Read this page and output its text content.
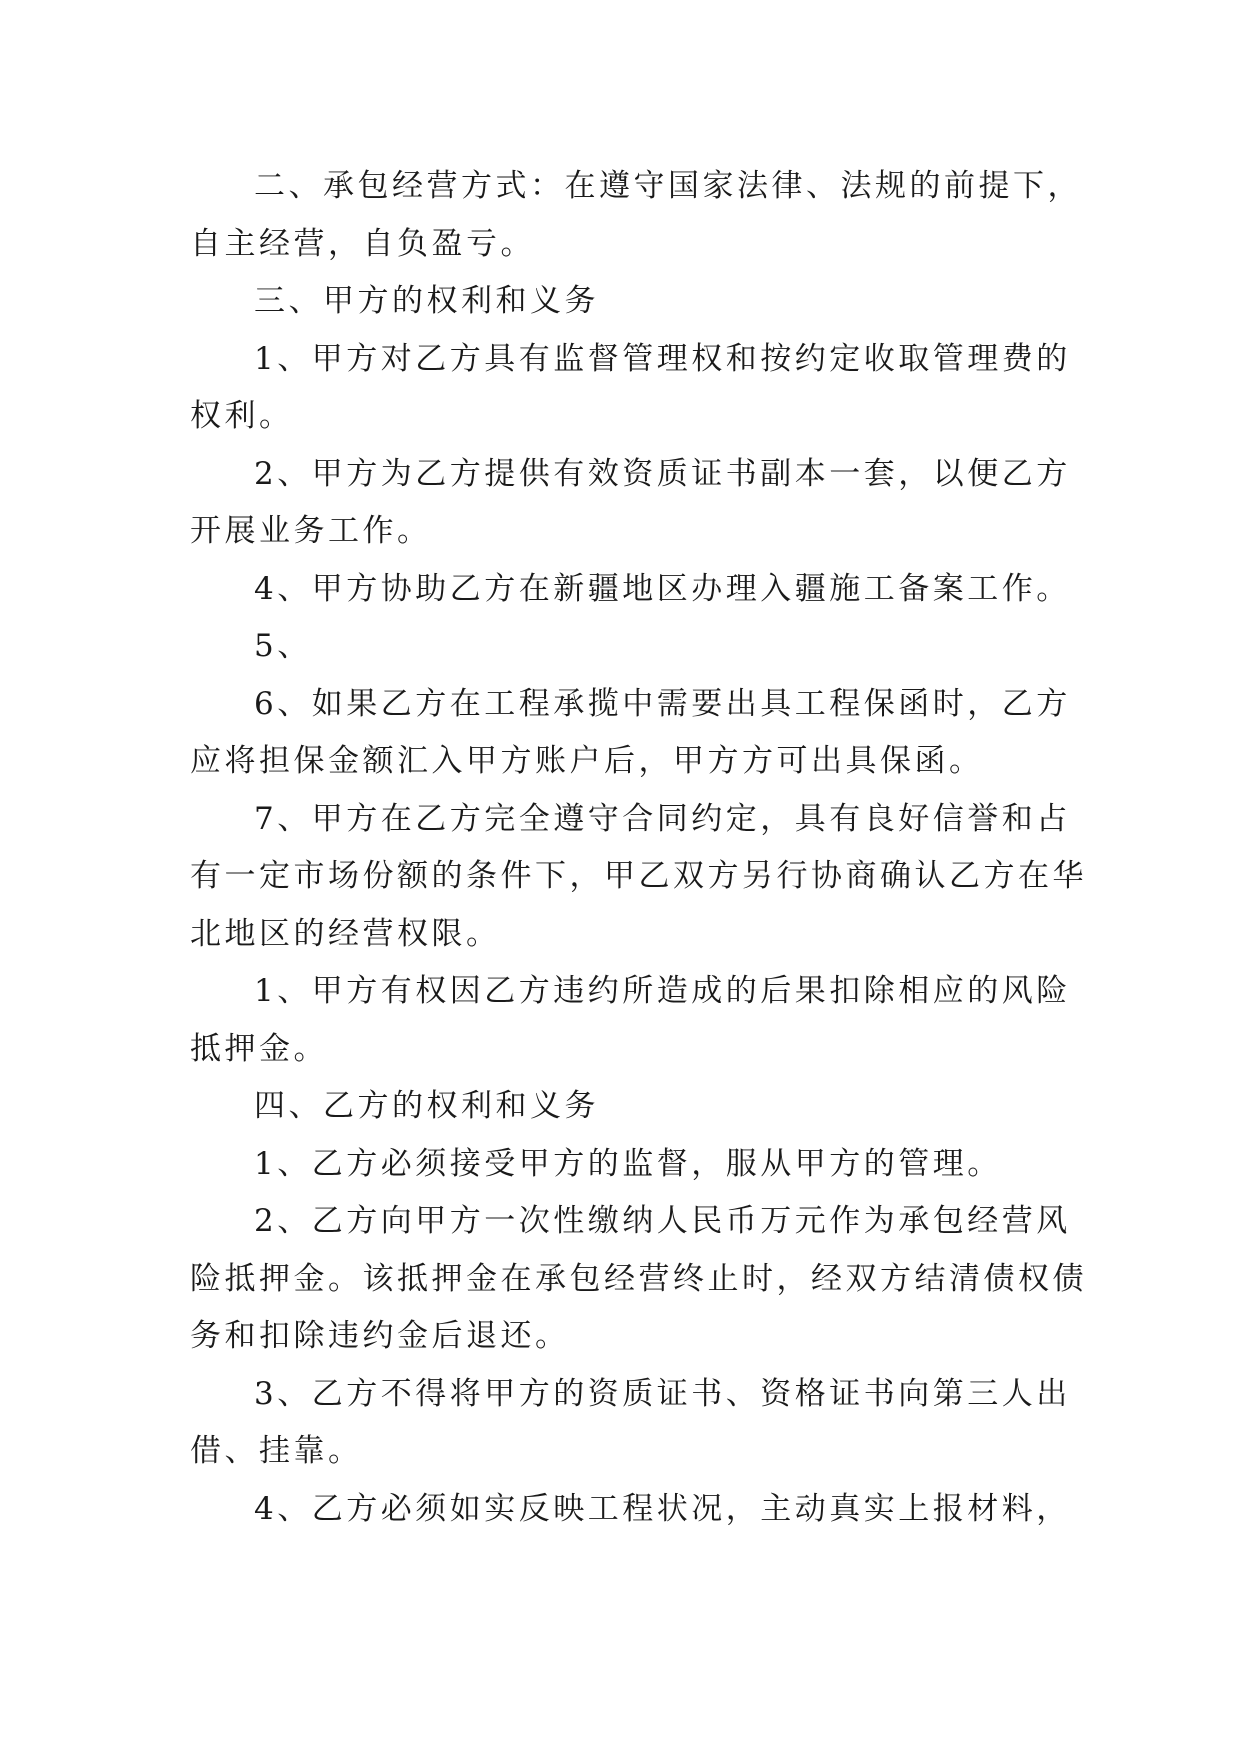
二、承包经营方式：在遵守国家法律、法规的前提下，
自主经营，自负盈亏。

三、甲方的权利和义务

1、甲方对乙方具有监督管理权和按约定收取管理费的
权利。

2、甲方为乙方提供有效资质证书副本一套，以便乙方
开展业务工作。

4、甲方协助乙方在新疆地区办理入疆施工备案工作。

5、

6、如果乙方在工程承揽中需要出具工程保函时，乙方
应将担保金额汇入甲方账户后，甲方方可出具保函。

7、甲方在乙方完全遵守合同约定，具有良好信誉和占
有一定市场份额的条件下，甲乙双方另行协商确认乙方在华
北地区的经营权限。

1、甲方有权因乙方违约所造成的后果扣除相应的风险
抵押金。

四、乙方的权利和义务

1、乙方必须接受甲方的监督，服从甲方的管理。

2、乙方向甲方一次性缴纳人民币万元作为承包经营风
险抵押金。该抵押金在承包经营终止时，经双方结清债权债
务和扣除违约金后退还。

3、乙方不得将甲方的资质证书、资格证书向第三人出
借、挂靠。

4、乙方必须如实反映工程状况，主动真实上报材料，
